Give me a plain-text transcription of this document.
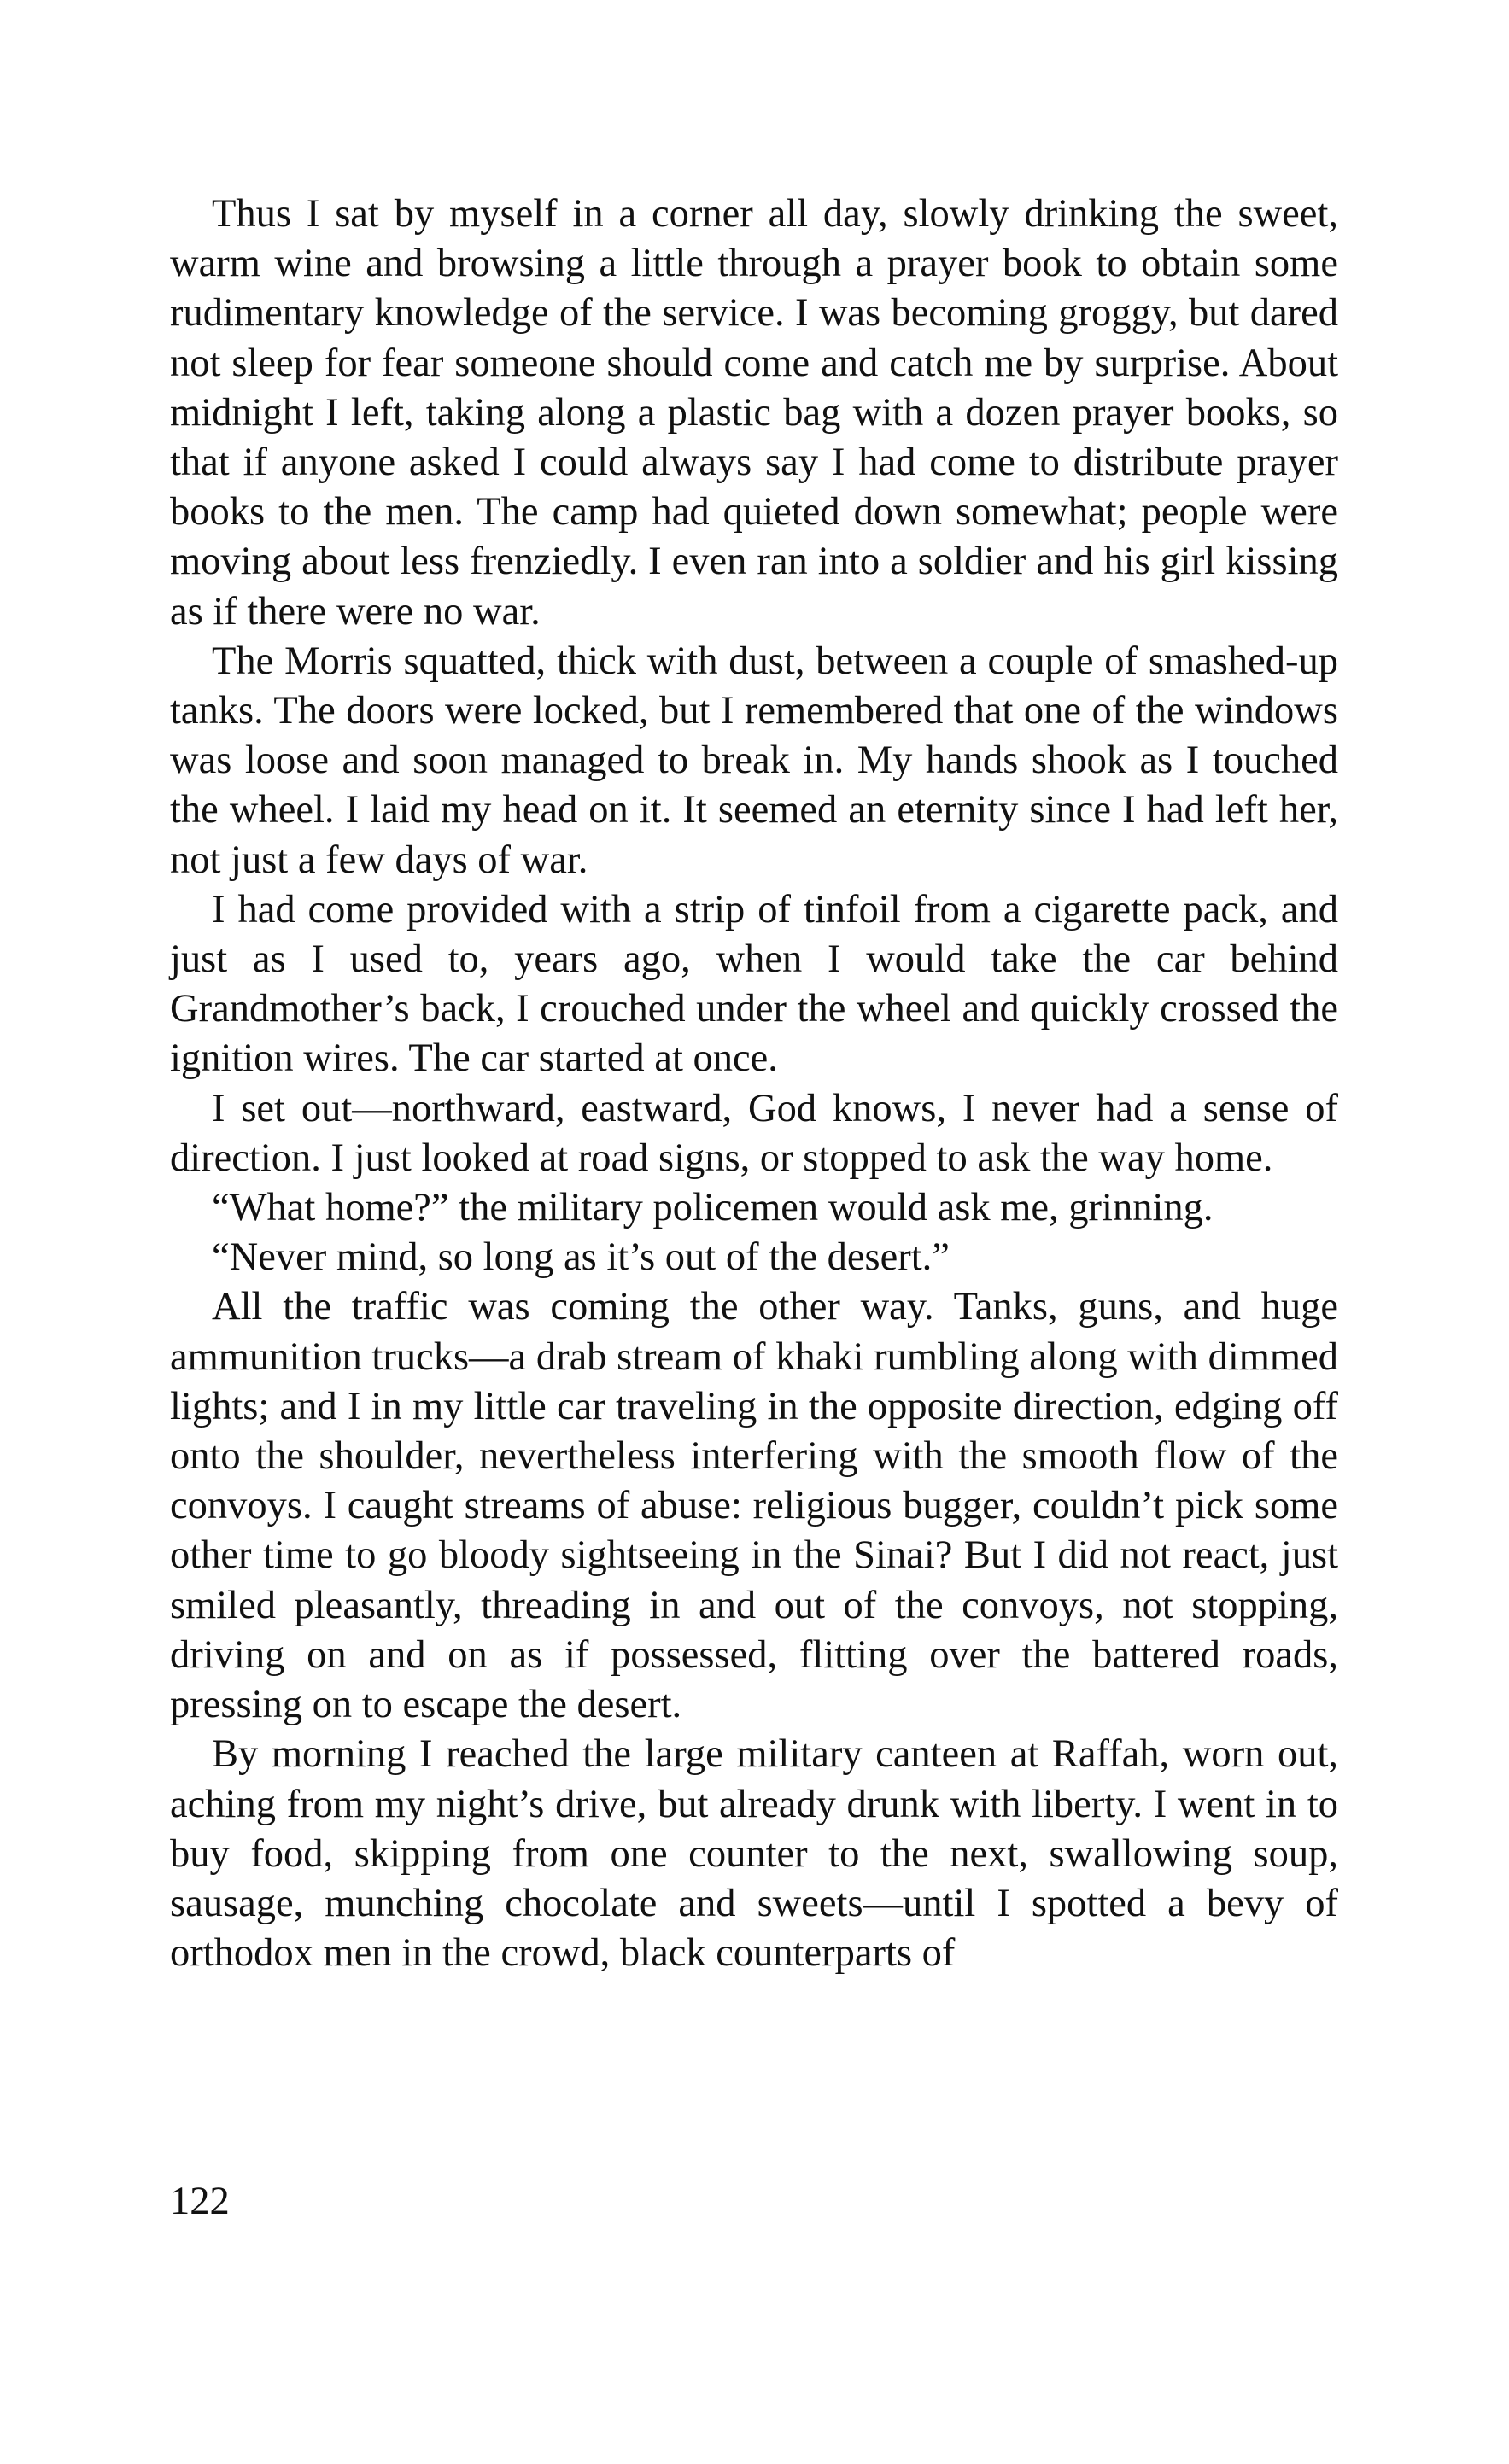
Thus I sat by myself in a corner all day, slowly drinking the sweet, warm wine and browsing a little through a prayer book to obtain some rudimentary knowledge of the service. I was becoming groggy, but dared not sleep for fear someone should come and catch me by surprise. About midnight I left, taking along a plastic bag with a dozen prayer books, so that if anyone asked I could always say I had come to distribute prayer books to the men. The camp had quieted down somewhat; people were moving about less frenziedly. I even ran into a soldier and his girl kissing as if there were no war.

The Morris squatted, thick with dust, between a couple of smashed-up tanks. The doors were locked, but I remembered that one of the windows was loose and soon managed to break in. My hands shook as I touched the wheel. I laid my head on it. It seemed an eternity since I had left her, not just a few days of war.

I had come provided with a strip of tinfoil from a cigarette pack, and just as I used to, years ago, when I would take the car behind Grandmother’s back, I crouched under the wheel and quickly crossed the ignition wires. The car started at once.

I set out—northward, eastward, God knows, I never had a sense of direction. I just looked at road signs, or stopped to ask the way home.

“What home?” the military policemen would ask me, grinning.

“Never mind, so long as it’s out of the desert.”

All the traffic was coming the other way. Tanks, guns, and huge ammunition trucks—a drab stream of khaki rumbling along with dimmed lights; and I in my little car traveling in the opposite direction, edging off onto the shoulder, nevertheless interfering with the smooth flow of the convoys. I caught streams of abuse: religious bugger, couldn’t pick some other time to go bloody sightseeing in the Sinai? But I did not react, just smiled pleasantly, threading in and out of the convoys, not stopping, driving on and on as if possessed, flitting over the battered roads, pressing on to escape the desert.

By morning I reached the large military canteen at Raffah, worn out, aching from my night’s drive, but already drunk with liberty. I went in to buy food, skipping from one counter to the next, swallowing soup, sausage, munching chocolate and sweets—until I spotted a bevy of orthodox men in the crowd, black counterparts of

122
